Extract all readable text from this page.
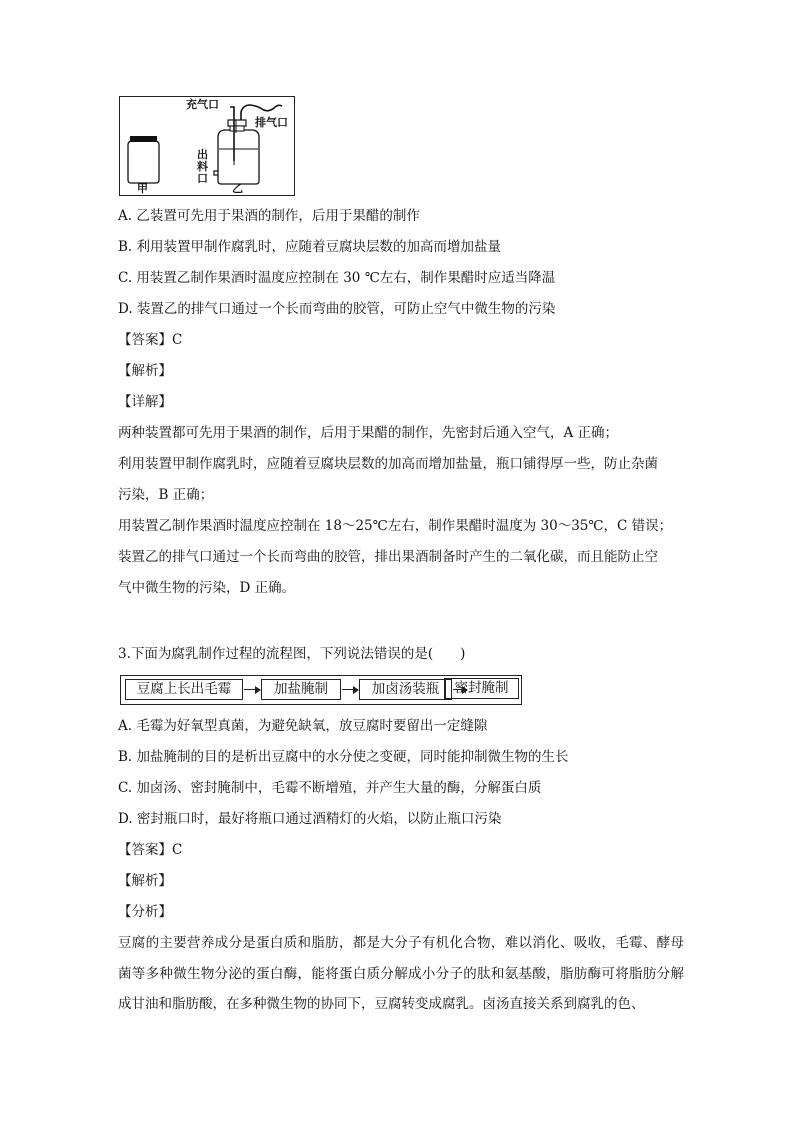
充气口
排气口
出
料
口
甲	乙
A. 乙装置可先用于果酒的制作，后用于果醋的制作
B. 利用装置甲制作腐乳时，应随着豆腐块层数的加高而增加盐量
C. 用装置乙制作果酒时温度应控制在 30 ℃左右，制作果醋时应适当降温
D. 装置乙的排气口通过一个长而弯曲的胶管，可防止空气中微生物的污染
【答案】C
【解析】
【详解】
两种装置都可先用于果酒的制作，后用于果醋的制作，先密封后通入空气，A 正确；
利用装置甲制作腐乳时，应随着豆腐块层数的加高而增加盐量，瓶口铺得厚一些，防止杂菌
污染，B 正确；
用装置乙制作果酒时温度应控制在 18～25℃左右，制作果醋时温度为 30～35℃，C 错误；
装置乙的排气口通过一个长而弯曲的胶管，排出果酒制备时产生的二氧化碳，而且能防止空
气中微生物的污染，D 正确。
3.下面为腐乳制作过程的流程图，下列说法错误的是(　　)
豆腐上长出毛霉	加盐腌制	加卤汤装瓶	密封腌制
A. 毛霉为好氧型真菌，为避免缺氧，放豆腐时要留出一定缝隙
B. 加盐腌制的目的是析出豆腐中的水分使之变硬，同时能抑制微生物的生长
C. 加卤汤、密封腌制中，毛霉不断增殖，并产生大量的酶，分解蛋白质
D. 密封瓶口时，最好将瓶口通过酒精灯的火焰，以防止瓶口污染
【答案】C
【解析】
【分析】
豆腐的主要营养成分是蛋白质和脂肪，都是大分子有机化合物，难以消化、吸收，毛霉、酵母菌等多种微生物分泌的蛋白酶，能将蛋白质分解成小分子的肽和氨基酸，脂肪酶可将脂肪分解成甘油和脂肪酸，在多种微生物的协同下，豆腐转变成腐乳。卤汤直接关系到腐乳的色、
